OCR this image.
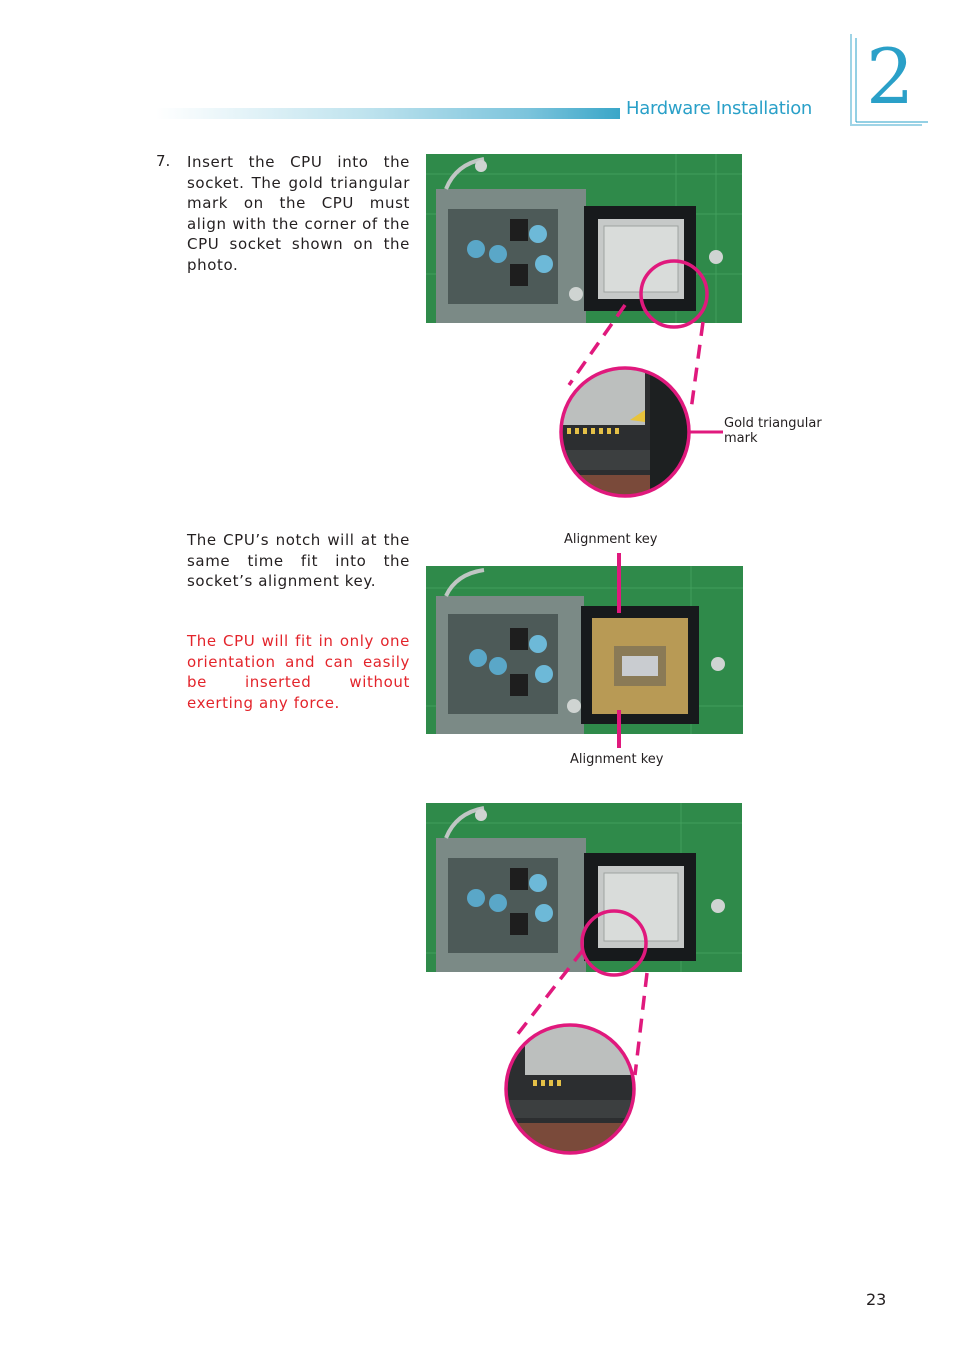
Hardware Installation 2
7. Insert the CPU into the socket. The gold triangular mark on the CPU must align with the corner of the CPU socket shown on the photo.
Gold triangular
mark
The CPU’s notch will at the same time fit into the socket’s alignment key.
The CPU will fit in only one orientation and can easily be inserted without exerting any force.
Alignment key
Alignment key
23
